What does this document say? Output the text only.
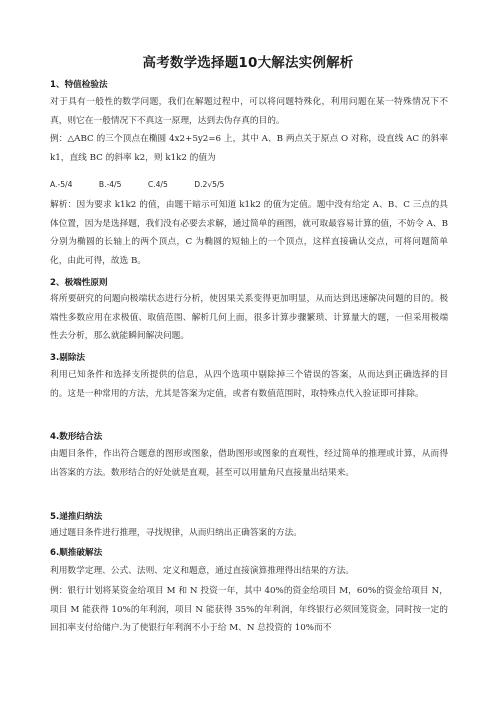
高考数学选择题10大解法实例解析
1、特值检验法
对于具有一般性的数学问题，我们在解题过程中，可以将问题特殊化，利用问题在某一特殊情况下不真，则它在一般情况下不真这一原理，达到去伪存真的目的。
例：△ABC 的三个顶点在椭圆 4x2+5y2=6 上，其中 A、B 两点关于原点 O 对称，设直线 AC 的斜率 k1，直线 BC 的斜率 k2，则 k1k2 的值为
A.-5/4	B.-4/5	C.4/5	D.2√5/5
解析：因为要求 k1k2 的值，由题干暗示可知道 k1k2 的值为定值。题中没有给定 A、B、C 三点的具体位置，因为是选择题，我们没有必要去求解，通过简单的画图，就可取最容易计算的值，不妨令 A、B 分别为椭圆的长轴上的两个顶点，C 为椭圆的短轴上的一个顶点，这样直接确认交点，可将问题简单化，由此可得，故选 B。
2、极端性原则
将所要研究的问题向极端状态进行分析，使因果关系变得更加明显，从而达到迅速解决问题的目的。极端性多数应用在求极值、取值范围、解析几何上面，很多计算步骤繁琐、计算量大的题，一但采用极端性去分析，那么就能瞬间解决问题。
3.剔除法
利用已知条件和选择支所提供的信息，从四个选项中剔除掉三个错误的答案，从而达到正确选择的目的。这是一种常用的方法，尤其是答案为定值，或者有数值范围时，取特殊点代入验证即可排除。
4.数形结合法
由题目条件，作出符合题意的图形或图象，借助图形或图象的直观性，经过简单的推理或计算，从而得出答案的方法。数形结合的好处就是直观，甚至可以用量角尺直接量出结果来。
5.递推归纳法
通过题目条件进行推理，寻找规律，从而归纳出正确答案的方法。
6.顺推破解法
利用数学定理、公式、法则、定义和题意，通过直接演算推理得出结果的方法。
例：银行计划将某资金给项目 M 和 N 投资一年，其中 40%的资金给项目 M，60%的资金给项目 N，项目 M 能获得 10%的年利润，项目 N 能获得 35%的年利润，年终银行必须回笼资金，同时按一定的回扣率支付给储户.为了使银行年利润不小于给 M、N 总投资的 10%而不
